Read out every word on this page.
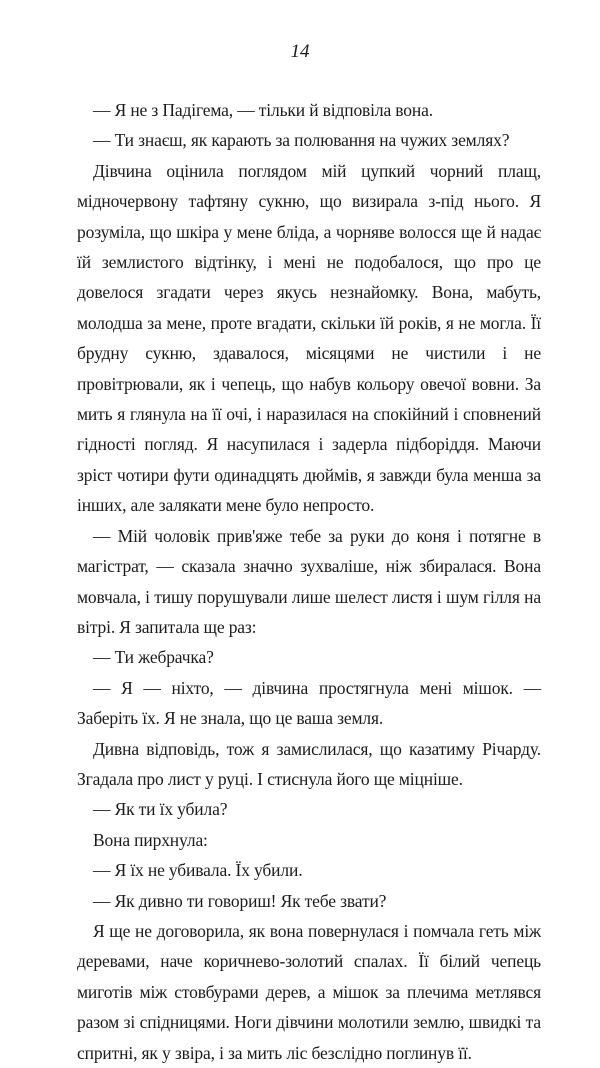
14

— Я не з Падігема, — тільки й відповіла вона.

— Ти знаєш, як карають за полювання на чужих землях?

Дівчина оцінила поглядом мій цупкий чорний плащ, мідночервону тафтяну сукню, що визирала з-під нього. Я розуміла, що шкіра у мене бліда, а чорняве волосся ще й надає їй землистого відтінку, і мені не подобалося, що про це довелося згадати через якусь незнайомку. Вона, мабуть, молодша за мене, проте вгадати, скільки їй років, я не могла. Її брудну сукню, здавалося, місяцями не чистили і не провітрювали, як і чепець, що набув кольору овечої вовни. За мить я глянула на її очі, і наразилася на спокійний і сповнений гідності погляд. Я насупилася і задерла підборіддя. Маючи зріст чотири фути одинадцять дюймів, я завжди була менша за інших, але залякати мене було непросто.

— Мій чоловік прив'яже тебе за руки до коня і потягне в магістрат, — сказала значно зухваліше, ніж збиралася. Вона мовчала, і тишу порушували лише шелест листя і шум гілля на вітрі. Я запитала ще раз:

— Ти жебрачка?

— Я — ніхто, — дівчина простягнула мені мішок. — Заберіть їх. Я не знала, що це ваша земля.

Дивна відповідь, тож я замислилася, що казатиму Річарду. Згадала про лист у руці. І стиснула його ще міцніше.

— Як ти їх убила?

Вона пирхнула:

— Я їх не убивала. Їх убили.

— Як дивно ти говориш! Як тебе звати?

Я ще не договорила, як вона повернулася і помчала геть між деревами, наче коричнево-золотий спалах. Її білий чепець миготів між стовбурами дерев, а мішок за плечима метлявся разом зі спідницями. Ноги дівчини молотили землю, швидкі та спритні, як у звіра, і за мить ліс безслідно поглинув її.
